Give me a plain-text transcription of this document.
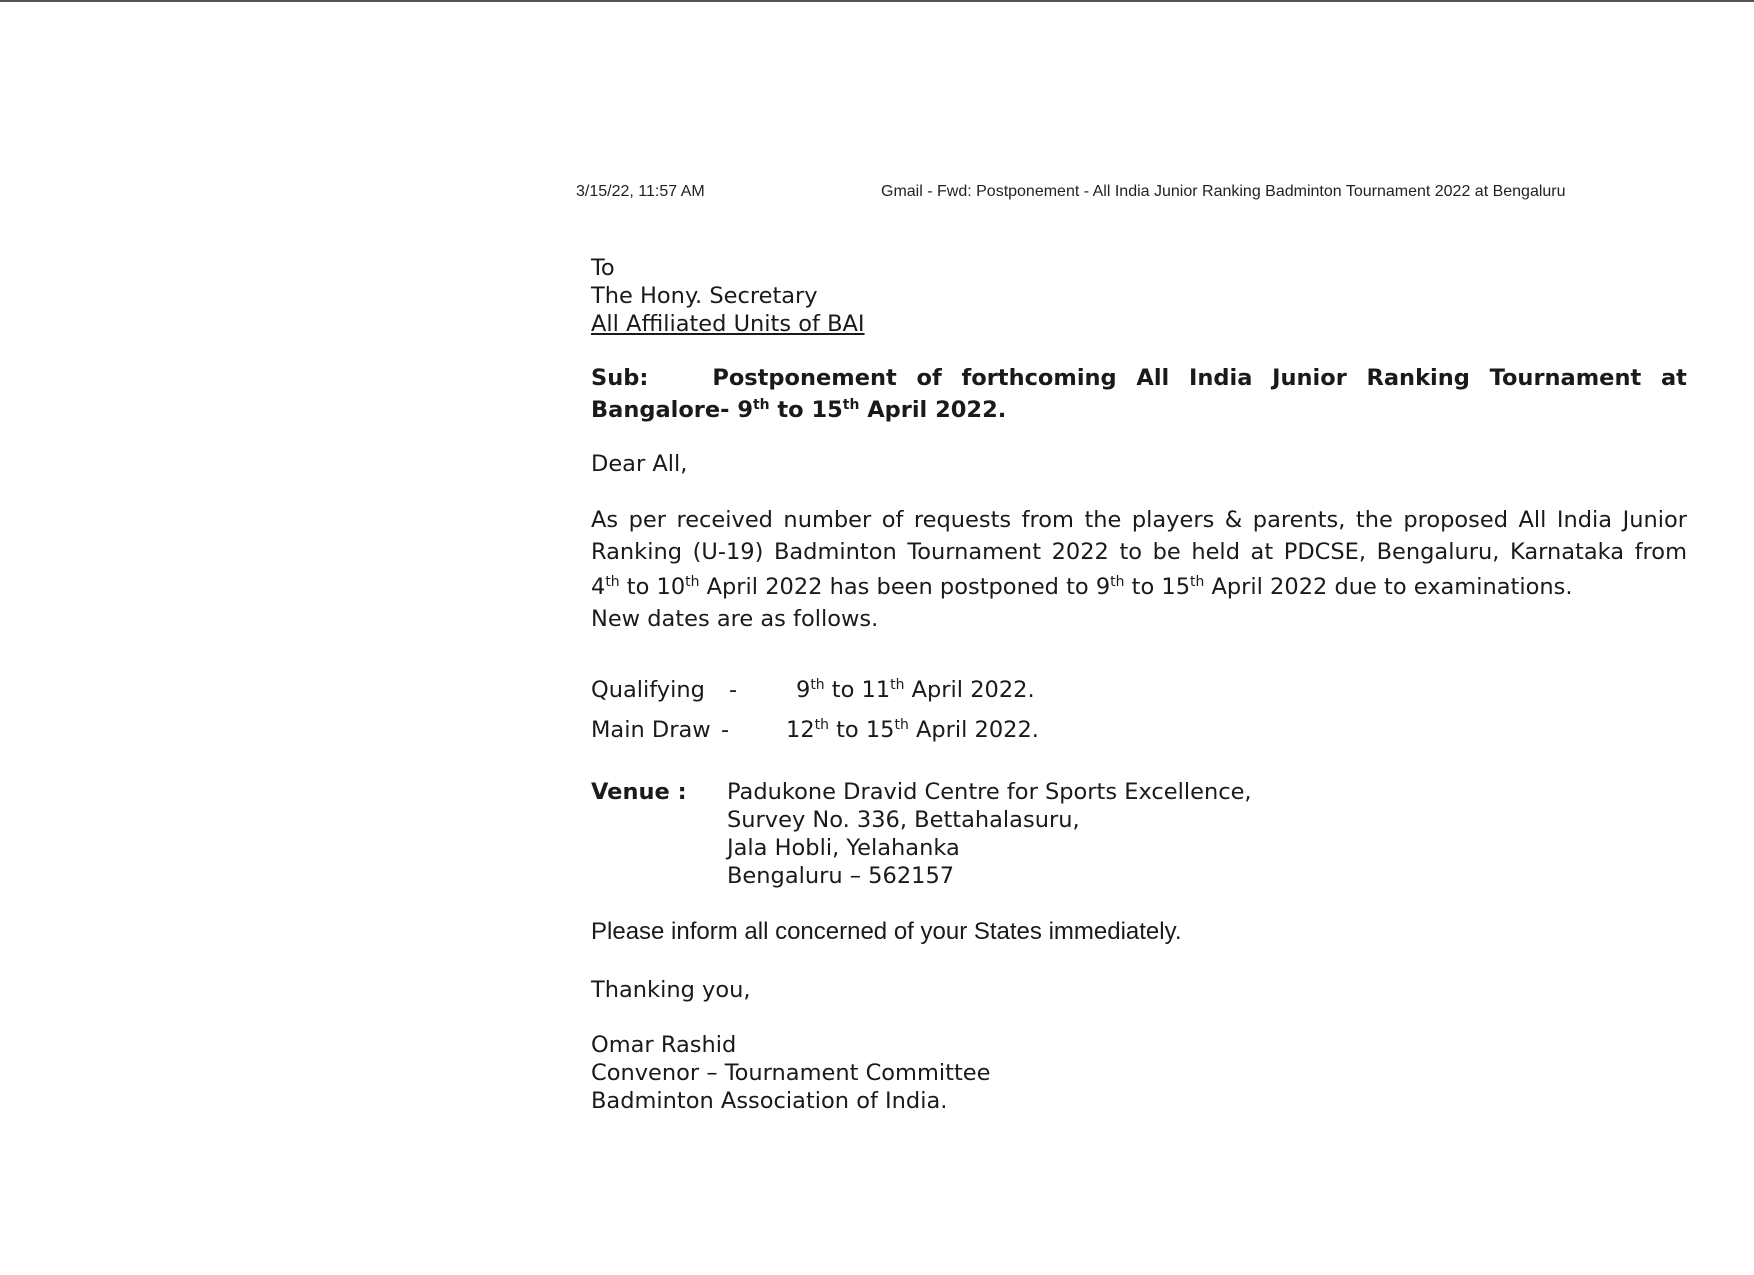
3/15/22, 11:57 AM	Gmail - Fwd: Postponement - All India Junior Ranking Badminton Tournament 2022 at Bengaluru
To
The Hony. Secretary
All Affiliated Units of BAI
Sub:	Postponement of forthcoming All India Junior Ranking Tournament at
Bangalore- 9th to 15th April 2022.
Dear All,
As per received number of requests from the players & parents, the proposed All India Junior
Ranking (U-19) Badminton Tournament 2022 to be held at PDCSE, Bengaluru, Karnataka from
4th to 10th April 2022 has been postponed to 9th to 15th April 2022 due to examinations.
New dates are as follows.
Qualifying -	9th to 11th April 2022.
Main Draw -	12th to 15th April 2022.
Venue : Padukone Dravid Centre for Sports Excellence,
Survey No. 336, Bettahalasuru,
Jala Hobli, Yelahanka
Bengaluru – 562157
Please inform all concerned of your States immediately.
Thanking you,
Omar Rashid
Convenor – Tournament Committee
Badminton Association of India.
